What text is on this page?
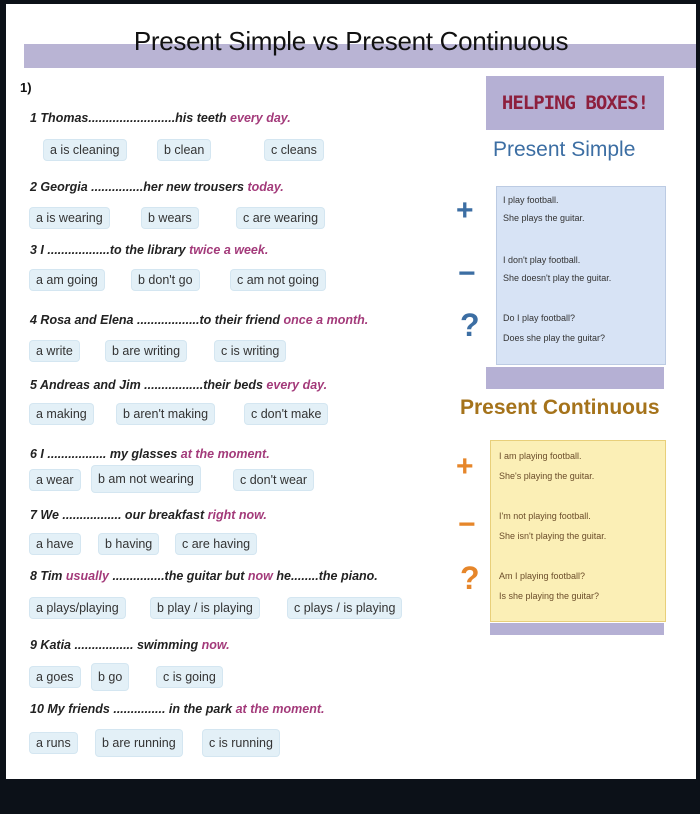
Present Simple vs Present Continuous
1)
1 Thomas.........................his teeth every day.
a is cleaning	b clean	c cleans
2 Georgia ...............her new trousers today.
a is wearing	b wears	c are wearing
3 I ..................to the library twice a week.
a am going	b don't go	c am not going
4 Rosa and Elena ..................to their friend once a month.
a write	b are writing	c is writing
5 Andreas and Jim .................their beds every day.
a making	b aren't making	c don't make
6 I ................. my glasses at the moment.
a wear	b am not wearing	c don't wear
7 We ................. our breakfast right now.
a have	b having	c are having
8 Tim usually ...............the guitar but now he........the piano.
a plays/playing	b play / is playing	c plays / is playing
9 Katia ................. swimming now.
a goes	b go	c is going
10 My friends ............... in the park at the moment.
a runs	b are running	c is running
HELPING BOXES!
Present Simple
+
−
?
I play football.
She plays the guitar.
I don't play football.
She doesn't play the guitar.
Do I play football?
Does she play the guitar?
Present Continuous
+
−
?
I am playing football.
She's playing the guitar.
I'm not playing football.
She isn't playing the guitar.
Am I playing football?
Is she playing the guitar?
